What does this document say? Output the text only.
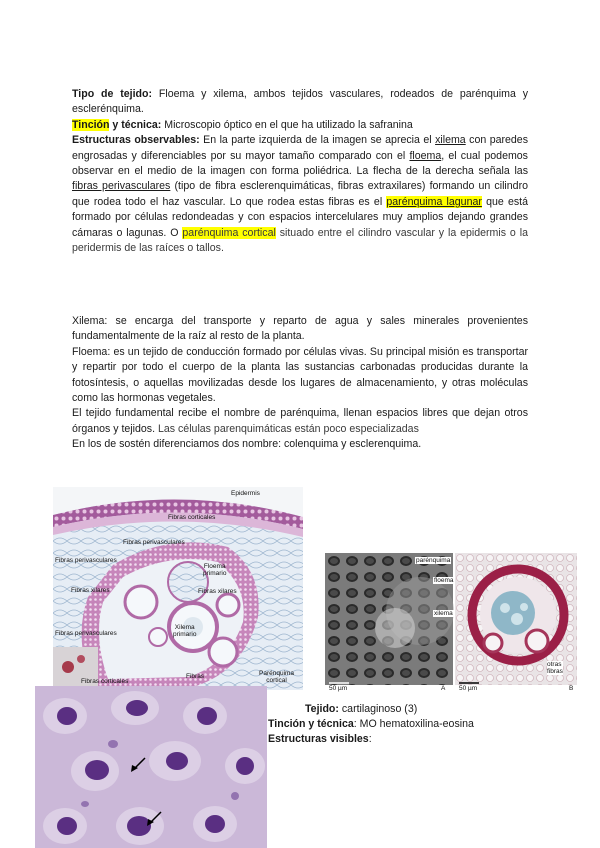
Tipo de tejido: Floema y xilema, ambos tejidos vasculares, rodeados de parénquima y esclerénquima.
Tinción y técnica: Microscopio óptico en el que ha utilizado la safranina
Estructuras observables: En la parte izquierda de la imagen se aprecia el xilema con paredes engrosadas y diferenciables por su mayor tamaño comparado con el floema, el cual podemos observar en el medio de la imagen con forma poliédrica. La flecha de la derecha señala las fibras perivasculares (tipo de fibra esclerenquimáticas, fibras extraxilares) formando un cilindro que rodea todo el haz vascular. Lo que rodea estas fibras es el parénquima lagunar que está formado por células redondeadas y con espacios intercelulares muy amplios dejando grandes cámaras o lagunas. O parénquima cortical situado entre el cilindro vascular y la epidermis o la peridermis de las raíces o tallos.
Xilema: se encarga del transporte y reparto de agua y sales minerales provenientes fundamentalmente de la raíz al resto de la planta.
Floema: es un tejido de conducción formado por células vivas. Su principal misión es transportar y repartir por todo el cuerpo de la planta las sustancias carbonadas producidas durante la fotosíntesis, o aquellas movilizadas desde los lugares de almacenamiento, y otras moléculas como las hormonas vegetales.
El tejido fundamental recibe el nombre de parénquima, llenan espacios libres que dejan otros órganos y tejidos. Las células parenquimáticas están poco especializadas
En los de sostén diferenciamos dos nombre: colenquima y esclerenquima.
Epidermis
Fibras corticales
Fibras perivasculares
Floema
primario
Fibras perivasculares
Fibras xilares	Fibras xilares
Xilema
primario
Fibras perivasculares
Fibras corticales
Fibras	Parénquima
cortical
parénquima
floema
xilema
otras
fibras
50 µm	A 50 µm	B
Tejido: cartilaginoso (3)
Tinción y técnica: MO hematoxilina-eosina
Estructuras visibles:
